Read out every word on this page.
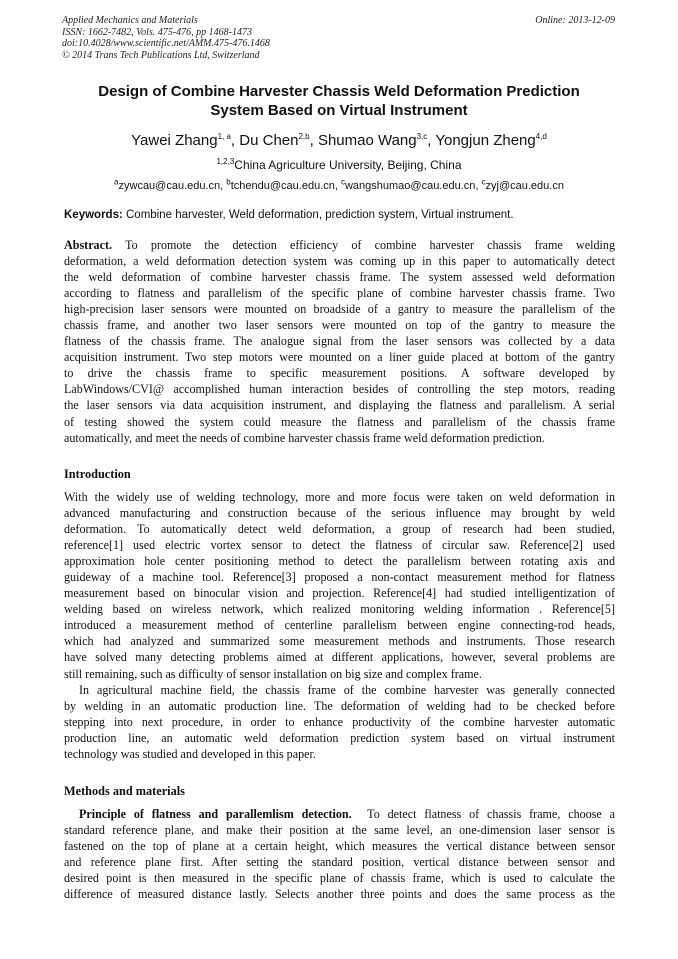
Applied Mechanics and Materials
ISSN: 1662-7482, Vols. 475-476, pp 1468-1473
doi:10.4028/www.scientific.net/AMM.475-476.1468
© 2014 Trans Tech Publications Ltd, Switzerland
Online: 2013-12-09
Design of Combine Harvester Chassis Weld Deformation Prediction
System Based on Virtual Instrument
Yawei Zhang$^{1, a}$, Du Chen$^{2,b}$, Shumao Wang$^{3,c}$, Yongjun Zheng$^{4,d}$
$^{1,2,3}$China Agriculture University, Beijing, China
$^a$zywcau@cau.edu.cn, $^b$tchendu@cau.edu.cn, $^c$wangshumao@cau.edu.cn, $^c$zyj@cau.edu.cn
Keywords: Combine harvester, Weld deformation, prediction system, Virtual instrument.
Abstract. To promote the detection efficiency of combine harvester chassis frame welding
deformation, a weld deformation detection system was coming up in this paper to automatically detect
the weld deformation of combine harvester chassis frame. The system assessed weld deformation
according to flatness and parallelism of the specific plane of combine harvester chassis frame. Two
high-precision laser sensors were mounted on broadside of a gantry to measure the parallelism of the
chassis frame, and another two laser sensors were mounted on top of the gantry to measure the
flatness of the chassis frame. The analogue signal from the laser sensors was collected by a data
acquisition instrument. Two step motors were mounted on a liner guide placed at bottom of the gantry
to drive the chassis frame to specific measurement positions. A software developed by
LabWindows/CVI@ accomplished human interaction besides of controlling the step motors, reading
the laser sensors via data acquisition instrument, and displaying the flatness and parallelism. A serial
of testing showed the system could measure the flatness and parallelism of the chassis frame
automatically, and meet the needs of combine harvester chassis frame weld deformation prediction.
Introduction
With the widely use of welding technology, more and more focus were taken on weld deformation in
advanced manufacturing and construction because of the serious influence may brought by weld
deformation. To automatically detect weld deformation, a group of research had been studied,
reference[1] used electric vortex sensor to detect the flatness of circular saw. Reference[2] used
approximation hole center positioning method to detect the parallelism between rotating axis and
guideway of a machine tool. Reference[3] proposed a non-contact measurement method for flatness
measurement based on binocular vision and projection. Reference[4] had studied intelligentization of
welding based on wireless network, which realized monitoring welding information . Reference[5]
introduced a measurement method of centerline parallelism between engine connecting-rod heads,
which had analyzed and summarized some measurement methods and instruments. Those research
have solved many detecting problems aimed at different applications, however, several problems are
still remaining, such as difficulty of sensor installation on big size and complex frame.
In agricultural machine field, the chassis frame of the combine harvester was generally connected
by welding in an automatic production line. The deformation of welding had to be checked before
stepping into next procedure, in order to enhance productivity of the combine harvester automatic
production line, an automatic weld deformation prediction system based on virtual instrument
technology was studied and developed in this paper.
Methods and materials
Principle of flatness and parallemlism detection. To detect flatness of chassis frame, choose a
standard reference plane, and make their position at the same level, an one-dimension laser sensor is
fastened on the top of plane at a certain height, which measures the vertical distance between sensor
and reference plane first. After setting the standard position, vertical distance between sensor and
desired point is then measured in the specific plane of chassis frame, which is used to calculate the
difference of measured distance lastly. Selects another three points and does the same process as the
